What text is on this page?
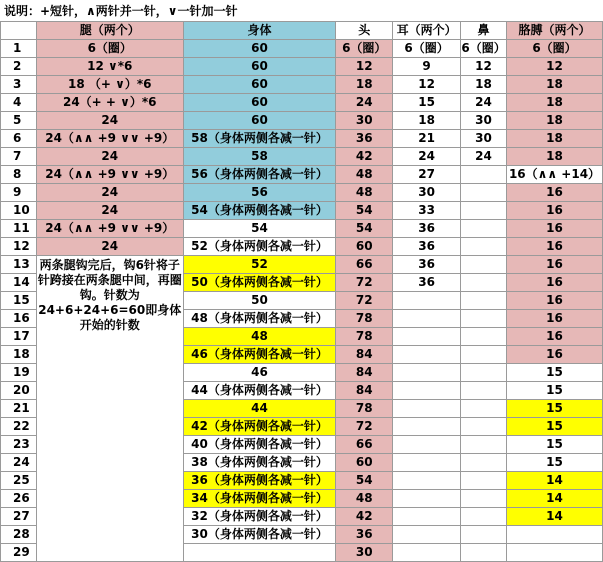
说明：+短针，∧两针并一针，∨一针加一针
	腿（两个）	身体	头	耳（两个）	鼻	胳膊（两个）
1	6（圈）	60	6（圈）	6（圈）	6（圈）	6（圈）
2	12 ∨*6	60	12	9	12	12
3	18 （+ ∨）*6	60	18	12	18	18
4	24（+ + ∨）*6	60	24	15	24	18
5	24	60	30	18	30	18
6	24（∧∧ +9 ∨∨ +9）	58（身体两侧各减一针）	36	21	30	18
7	24	58	42	24	24	18
8	24（∧∧ +9 ∨∨ +9）	56（身体两侧各减一针）	48	27		16（∧∧ +14）
9	24	56	48	30		16
10	24	54（身体两侧各减一针）	54	33		16
11	24（∧∧ +9 ∨∨ +9）	54	54	36		16
12	24	52（身体两侧各减一针）	60	36		16
13	两条腿钩完后，钩6针将子针跨接在两条腿中间，再圈钩。针数为24+6+24+6=60即身体开始的针数	52	66	36		16
14		50（身体两侧各减一针）	72	36		16
15		50	72			16
16		48（身体两侧各减一针）	78			16
17		48	78			16
18		46（身体两侧各减一针）	84			16
19		46	84			15
20		44（身体两侧各减一针）	84			15
21		44	78			15
22		42（身体两侧各减一针）	72			15
23		40（身体两侧各减一针）	66			15
24		38（身体两侧各减一针）	60			15
25		36（身体两侧各减一针）	54			14
26		34（身体两侧各减一针）	48			14
27		32（身体两侧各减一针）	42			14
28		30（身体两侧各减一针）	36			
29			30			
